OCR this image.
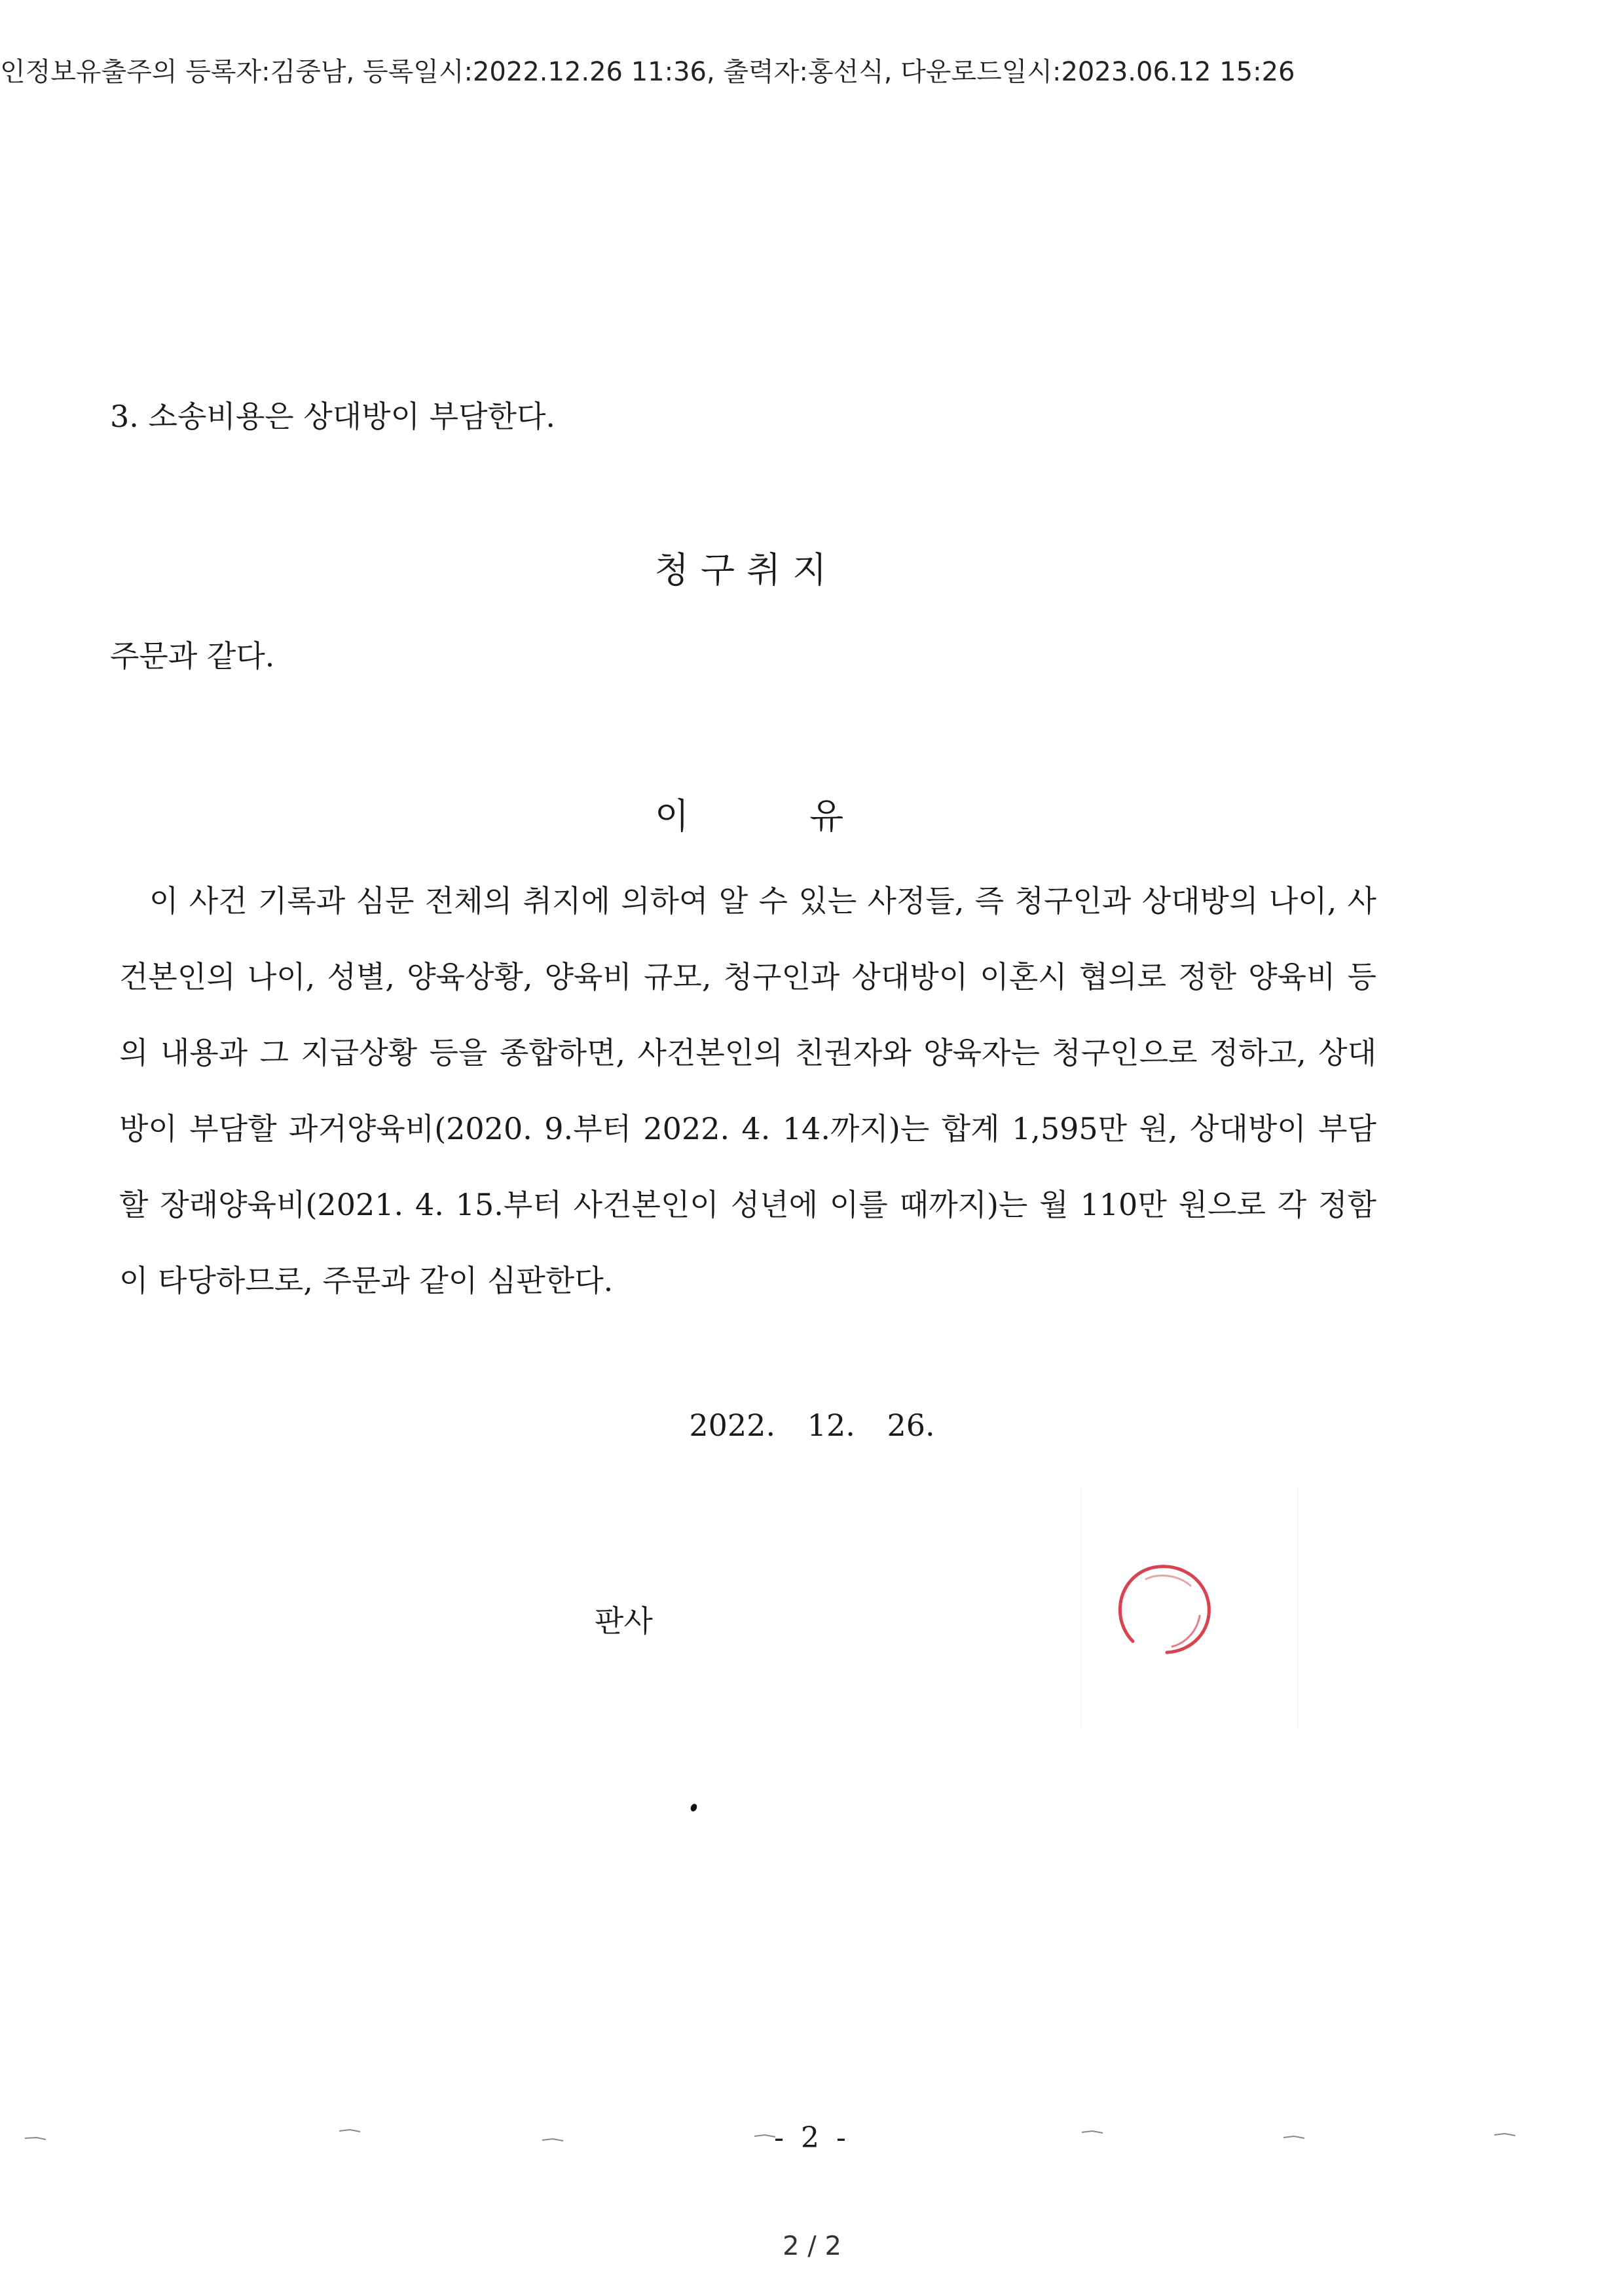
인정보유출주의 등록자:김중남, 등록일시:2022.12.26 11:36, 출력자:홍선식, 다운로드일시:2023.06.12 15:26
3. 소송비용은 상대방이 부담한다.
청구취지
주문과 같다.
이	유

이 사건 기록과 심문 전체의 취지에 의하여 알 수 있는 사정들, 즉 청구인과 상대방의 나이, 사건본인의 나이, 성별, 양육상황, 양육비 규모, 청구인과 상대방이 이혼시 협의로 정한 양육비 등의 내용과 그 지급상황 등을 종합하면, 사건본인의 친권자와 양육자는 청구인으로 정하고, 상대방이 부담할 과거양육비(2020. 9.부터 2022. 4. 14.까지)는 합계 1,595만 원, 상대방이 부담할 장래양육비(2021. 4. 15.부터 사건본인이 성년에 이를 때까지)는 월 110만 원으로 각 정함이 타당하므로, 주문과 같이 심판한다.

2022. 12. 26.
판사
- 2 -
2 / 2
